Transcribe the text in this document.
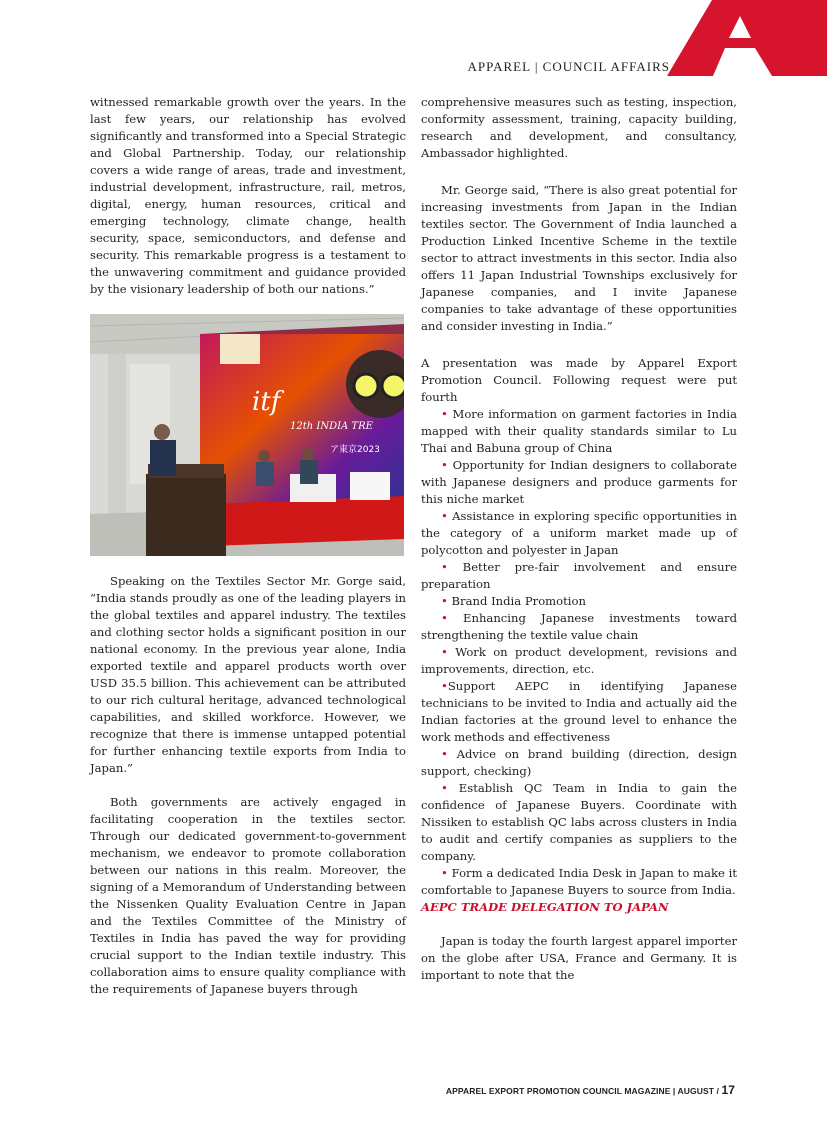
APPAREL | COUNCIL AFFAIRS

witnessed remarkable growth over the years. In the last few years, our relationship has evolved significantly and transformed into a Special Strategic and Global Partnership. Today, our relationship covers a wide range of areas, trade and investment, industrial development, infrastructure, rail, metros, digital, energy, human resources, critical and emerging technology, climate change, health security, space, semiconductors, and defense and security. This remarkable progress is a testament to the unwavering commitment and guidance provided by the visionary leadership of both our nations.”

itf
12th INDIA TRE
ア東京2023

Speaking on the Textiles Sector Mr. Gorge said, “India stands proudly as one of the leading players in the global textiles and apparel industry. The textiles and clothing sector holds a significant position in our national economy. In the previous year alone, India exported textile and apparel products worth over USD 35.5 billion. This achievement can be attributed to our rich cultural heritage, advanced technological capabilities, and skilled workforce. However, we recognize that there is immense untapped potential for further enhancing textile exports from India to Japan.”

Both governments are actively engaged in facilitating cooperation in the textiles sector. Through our dedicated government-to-government mechanism, we endeavor to promote collaboration between our nations in this realm. Moreover, the signing of a Memorandum of Understanding between the Nissenken Quality Evaluation Centre in Japan and the Textiles Committee of the Ministry of Textiles in India has paved the way for providing crucial support to the Indian textile industry. This collaboration aims to ensure quality compliance with the requirements of Japanese buyers through

comprehensive measures such as testing, inspection, conformity assessment, training, capacity building, research and development, and consultancy, Ambassador highlighted.

Mr. George said, “There is also great potential for increasing investments from Japan in the Indian textiles sector. The Government of India launched a Production Linked Incentive Scheme in the textile sector to attract investments in this sector. India also offers 11 Japan Industrial Townships exclusively for Japanese companies, and I invite Japanese companies to take advantage of these opportunities and consider investing in India.”

A presentation was made by Apparel Export Promotion Council. Following request were put fourth

• More information on garment factories in India mapped with their quality standards similar to Lu Thai and Babuna group of China

• Opportunity for Indian designers to collaborate with Japanese designers and produce garments for this niche market

• Assistance in exploring specific opportunities in the category of a uniform market made up of polycotton and polyester in Japan

• Better pre-fair involvement and ensure preparation

• Brand India Promotion

• Enhancing Japanese investments toward strengthening the textile value chain

• Work on product development, revisions and improvements, direction, etc.

•Support AEPC in identifying Japanese technicians to be invited to India and actually aid the Indian factories at the ground level to enhance the work methods and effectiveness

• Advice on brand building (direction, design support, checking)

• Establish QC Team in India to gain the confidence of Japanese Buyers. Coordinate with Nissiken to establish QC labs across clusters in India to audit and certify companies as suppliers to the company.

• Form a dedicated India Desk in Japan to make it comfortable to Japanese Buyers to source from India.

AEPC TRADE DELEGATION TO JAPAN

Japan is today the fourth largest apparel importer on the globe after USA, France and Germany. It is important to note that the

APPAREL EXPORT PROMOTION COUNCIL MAGAZINE | AUGUST / 17
